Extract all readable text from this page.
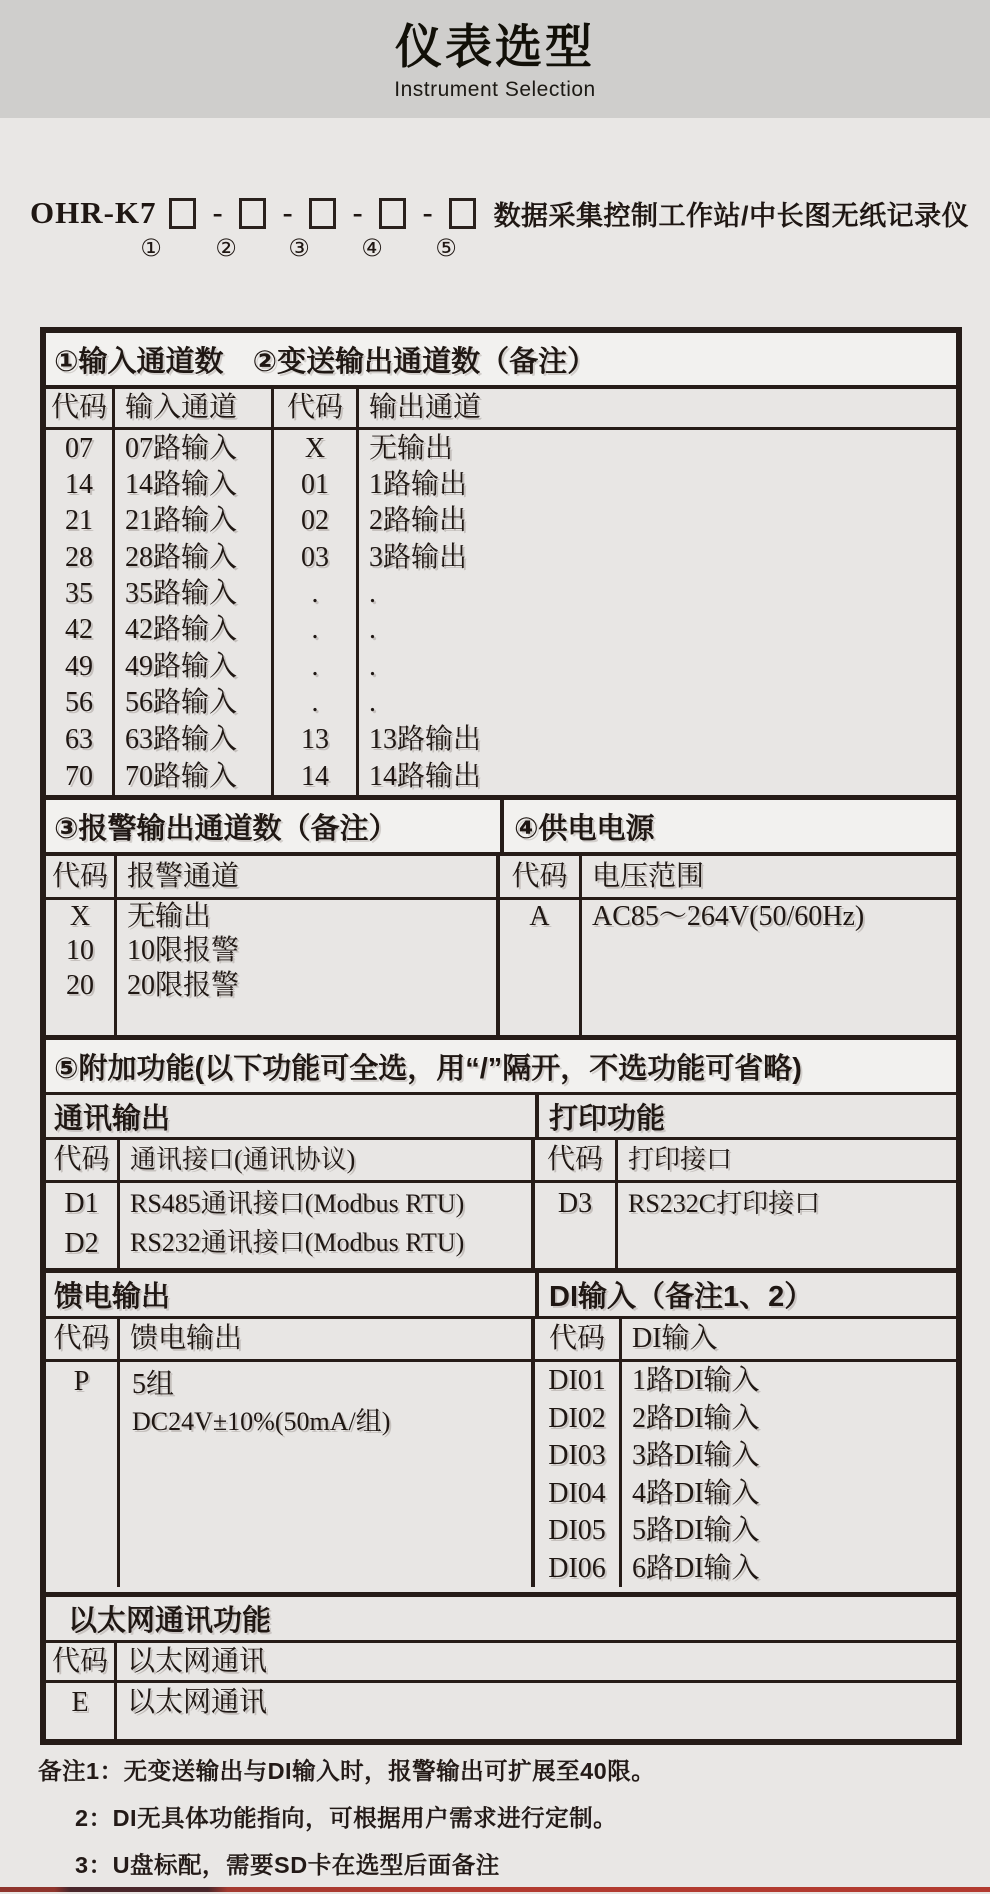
仪表选型
Instrument Selection
OHR-K7 - - - - 数据采集控制工作站/中长图无纸记录仪
①	②	③	④	⑤
①输入通道数　②变送输出通道数（备注）
代码 输入通道	代码 输出通道
07	07路输入	X	无输出
14	14路输入	01	1路输出
21	21路输入	02	2路输出
28	28路输入	03	3路输出
35	35路输入	.	.
42	42路输入	.	.
49	49路输入	.	.
56	56路输入	.	.
63	63路输入	13	13路输出
70	70路输入	14	14路输出
③报警输出通道数（备注）	④供电电源
代码 报警通道	代码 电压范围
X	无输出	A	AC85～264V(50/60Hz)
10	10限报警
20	20限报警
⑤附加功能(以下功能可全选，用“/”隔开，不选功能可省略)
通讯输出	打印功能
代码 通讯接口(通讯协议)	代码 打印接口
D1	RS485通讯接口(Modbus RTU)	D3	RS232C打印接口
D2	RS232通讯接口(Modbus RTU)
馈电输出	DI输入（备注1、2）
代码 馈电输出	代码 DI输入
P	5组
DC24V±10%(50mA/组)
DI01 1路DI输入
DI02 2路DI输入
DI03 3路DI输入
DI04 4路DI输入
DI05 5路DI输入
DI06 6路DI输入
以太网通讯功能
代码 以太网通讯
E	以太网通讯
备注1：无变送输出与DI输入时，报警输出可扩展至40限。
2：DI无具体功能指向，可根据用户需求进行定制。
3：U盘标配，需要SD卡在选型后面备注
